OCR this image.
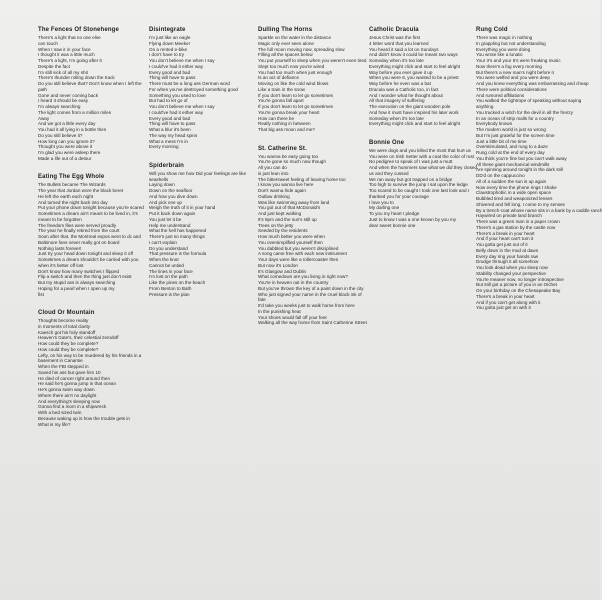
The Fences Of Stonehenge
There's a light that no one else
can touch
When I saw it in your face
I thought it was a little much
There's a light, I'm going after it
Despite the fact
I'm still sick of all my shit
There's thunder rolling down the track
Do you still believe that? Don't know when I left the
path
Gone and never coming back
I heard it should be easy
I'm always searching
The light comes from a million miles
Away
And we got a little every day
You had it all lying in a bottle then
Do you still believe it?
How long can you ignore it?
Thought you were above it
I'm glad you were asleep there
Made a life out of a detour
Eating The Egg Whole
The Bullets became The Wizards
The year that Jordan wore the black beret
He left the earth each night
And turned the night back into day
Put your phone down tonight because you're scared
Sometimes a dream ain't meant to be lived in, it's
meant to be forgotten
The freedom flies were served proudly
The year he finally retired from the court
Soon after that, the Montreal expos went to dc and
Baltimore fans never really got on board
Nothing lasts forever!
Just try your head down tonight and sleep it off
Sometimes a dream shouldn't be carried with you
when it's better off lost
Don't know how many switches I flipped
Flip a switch and then the thing just don't exist
But my stupid ass is always searching
Hoping for a pearl when I open up my
fist
Cloud Or Mountain
Thoughts become reality
in moments of total clarity
Kaesch got his holy standoff
Heaven's Gate's, their celestial zerodoff
How could they be complete?
How could they be complete?
Lefty, on his way to be murdered by his friends in a
basement in Canarsie
When the FBI stepped in
Saved his ass but gave him 10
He died of cancer right around then
He said he's gonna jump in that ocean
He's gonna swim way down
Where there ain't no daylight
And everything's sleeping now
Gonna find a mom in a shipwreck
With a bed sized twin
Because waking up is how the trouble gets in
What is my life?
Disintegrate
I'm just like an eagle
Flying down Meeker
On a rented e-bike
I don't have to try
You don't believe me when I say
I could've had it either way
Every good and bad
Thing will have to pass
There must be a long ass German word
For when you've destroyed something good
Something you used to love
But had to let go of
You don't believe me when I say
I could've had it either way
Every good and bad
Thing will have to pass
What a blur it's been
The way my head spins
What a mess I'm in
Every morning
Spiderbrain
Will you show me how Did your feelings are like
seashells
Laying down
Down on the seafloor
And how you dive down
And pick one up
Weigh the truth of it in your hand
Put it back down again
You just let it be
Help me understand
What the hell has happened
There's just so many things
I can't explain
Do you understand
That pressure is the formula
When the knot
Cannot be untied
The lines in your face
I'm lost on the path
Like the pines on the beach
From Benton to Bath
Pressure is the plan
Dulling The Horns
Sparkle on the water in the distance
Magic only ever seen alone
The full moon moving now, spreading slow
Filling all the spaces below
You put yourself to sleep when you weren't even tired
Slept too much now you're wired
You had too much when just enough
Is an act of defiance
Moving on like the cold wind blows
Like a train in the snow
If you don't learn to let go sometimes
You're gonna fall apart
If you don't learn to let go sometimes
You're gonna break your heart
How can there be
Really nothing in between
That big ass moon and me?
St. Catherine St.
You wanna be easy going too
You're gone so much now though
All you can do
is just lean into
The bittersweet feeling of leaving home too
I know you wanna live here
Don't wanna hide again
Outlaw drinking
Was like swimming away from land
You got out of that McDonald's
And just kept walking
It's 9pm and the sun's still up
Trees on the jetty
Seeded by the residents
How much better you were when
You oversimplified yourself then
You dabbled but you weren't disciplined
A song came free with each new instrument
Your days were like a rollercoaster then
But now it's London
It's Glasgow and Dublin
What comedown are you living in right now?
You're in heaven out in the country
But you've thrown the key of a paint down in the city
Who just signed your name in the cruel black ink of
fate
It'd take you weeks just to walk home from here
In the punishing heat
Your shoes would fall off your feet
Walking all the way home from Saint Catherine Street
Catholic Dracula
Jesus Christ was the first
4 letter word that you learned
You heard it said a lot on Sundays
And didn't know it could be meant two ways
Someday when it's too late
Everything might click and start to feel alright
Way before you ever gave it up
When you were 6, you wanted to be a priest
Way before he even was a bat
Dracula was a Catholic too, in fact
And I wonder what he thought about
All that imagery of suffering
The execution on the giant wooden pole
And how it must have inspired his later work
Someday when it's too late
Everything might click and start to feel alright
Bonnie One
We were dogs and you killed the most that hurt us
You were on Irish Setter with a coat the color of rust
No pedigree to speak of I was just a mutt
And when the hummers saw what we did they closed
us and they cussed
We ran away but got trapped on a bridge
Too high to survive the jump I sat upon the ledge
Too scared to be caught I took one last look and I
thanked you for your courage
I love you to
My darling one
To you my heart I pledge
Just to know I was a one known by you my
dear sweet bonnie one
Rung Cold
There was magic in nothing
In grappling but not understanding
Everything you were doing
You wrote like a lunatic
Your 3's and your 5's were freaking music
Now there's a fog every morning
But there's a new man's night before it
You were welfed and you were deep
And you knew everything was embarrassing and cheap
There were political considerations
And rumored affiliations
You walked the tightrope of speaking without saying
anything
You tracked a witch for the devil in all the frenzy
In an ocean of strip malls for a country
Everybody knows
The modern world is just so wrong
But I'm just grateful for the screen time
Just a little bit of me time
Overstimulated, and rung to a daze
Rung cold at the end of every day
You think you're fine but you can't walk away
All these giant mechanical windmills
Are spinning around tonight in the dark still
DD'd on the cappuccino
All of a sudden the sun is up again
Now every time the phone rings I shake
Claustrophobic in a wide open space
Bubbled tired and weaponized lenses
Shivered and fell long, I come to my senses
By a trench-coat whose name sits in a bank by a caddle ranch
Haywired on private land branch
There was a green man in a paper crown
There's a gas station by the castle now
There's a break in your heart
And if your heart can't turn it
You gotta get just out of it
Belly down in the mud at dawn
Every day ring your hands raw
Drudge through it all somehow
You look dead when you sleep now
Stability changed your perspective
You're meaner now, no longer introspective
But still got a picture of you in an Oichet
On your birthday on the Chesapeake Bay
There's a break in your heart
And if you can't get along with it
You gotta just get on with it
